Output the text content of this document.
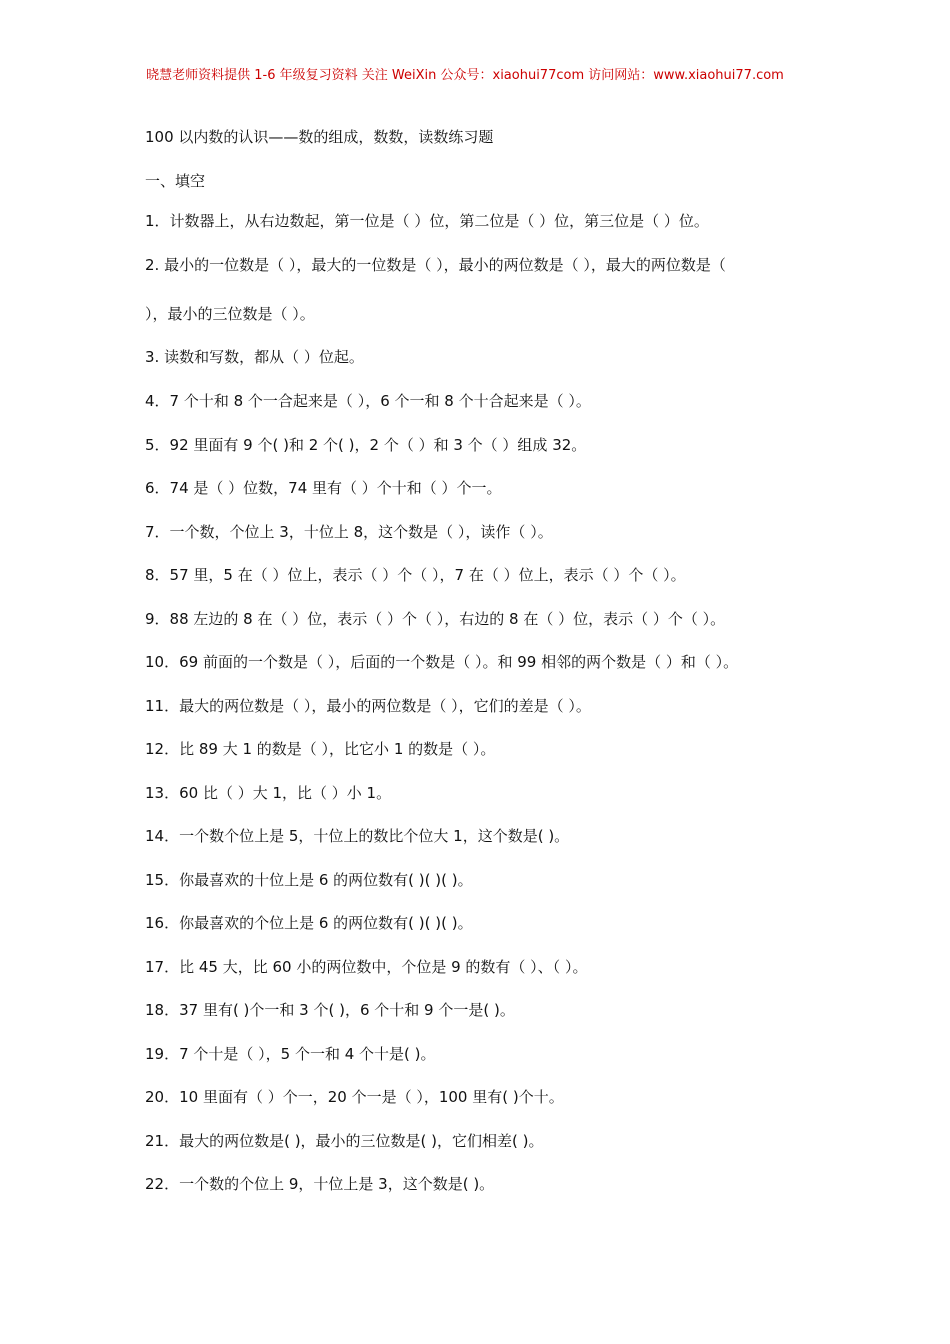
晓慧老师资料提供 1-6 年级复习资料 关注 WeiXin 公众号：xiaohui77com 访问网站：www.xiaohui77.com
100 以内数的认识——数的组成，数数，读数练习题
一、填空
1．计数器上，从右边数起，第一位是（ ）位，第二位是（ ）位，第三位是（ ）位。
2. 最小的一位数是（ ），最大的一位数是（ ），最小的两位数是（ ），最大的两位数是（
），最小的三位数是（ ）。
3. 读数和写数，都从（ ）位起。
4．7 个十和 8 个一合起来是（ ），6 个一和 8 个十合起来是（ ）。
5．92 里面有 9 个( )和 2 个( )，2 个（ ）和 3 个（ ）组成 32。
6．74 是（ ）位数，74 里有（ ）个十和（ ）个一。
7．一个数，个位上 3，十位上 8，这个数是（ ），读作（ ）。
8．57 里，5 在（ ）位上，表示（ ）个（ ），7 在（ ）位上，表示（ ）个（ ）。
9．88 左边的 8 在（ ）位，表示（ ）个（ ），右边的 8 在（ ）位，表示（ ）个（ ）。
10．69 前面的一个数是（ ），后面的一个数是（ ）。和 99 相邻的两个数是（ ）和（ ）。
11．最大的两位数是（ ），最小的两位数是（ ），它们的差是（ ）。
12．比 89 大 1 的数是（ ），比它小 1 的数是（ ）。
13．60 比（ ）大 1，比（ ）小 1。
14．一个数个位上是 5，十位上的数比个位大 1，这个数是( )。
15．你最喜欢的十位上是 6 的两位数有( )( )( )。
16．你最喜欢的个位上是 6 的两位数有( )( )( )。
17．比 45 大，比 60 小的两位数中，个位是 9 的数有（ ）、（ ）。
18．37 里有( )个一和 3 个( )，6 个十和 9 个一是( )。
19．7 个十是（ ），5 个一和 4 个十是( )。
20．10 里面有（ ）个一，20 个一是（ ），100 里有( )个十。
21．最大的两位数是( )，最小的三位数是( )，它们相差( )。
22．一个数的个位上 9，十位上是 3，这个数是( )。
